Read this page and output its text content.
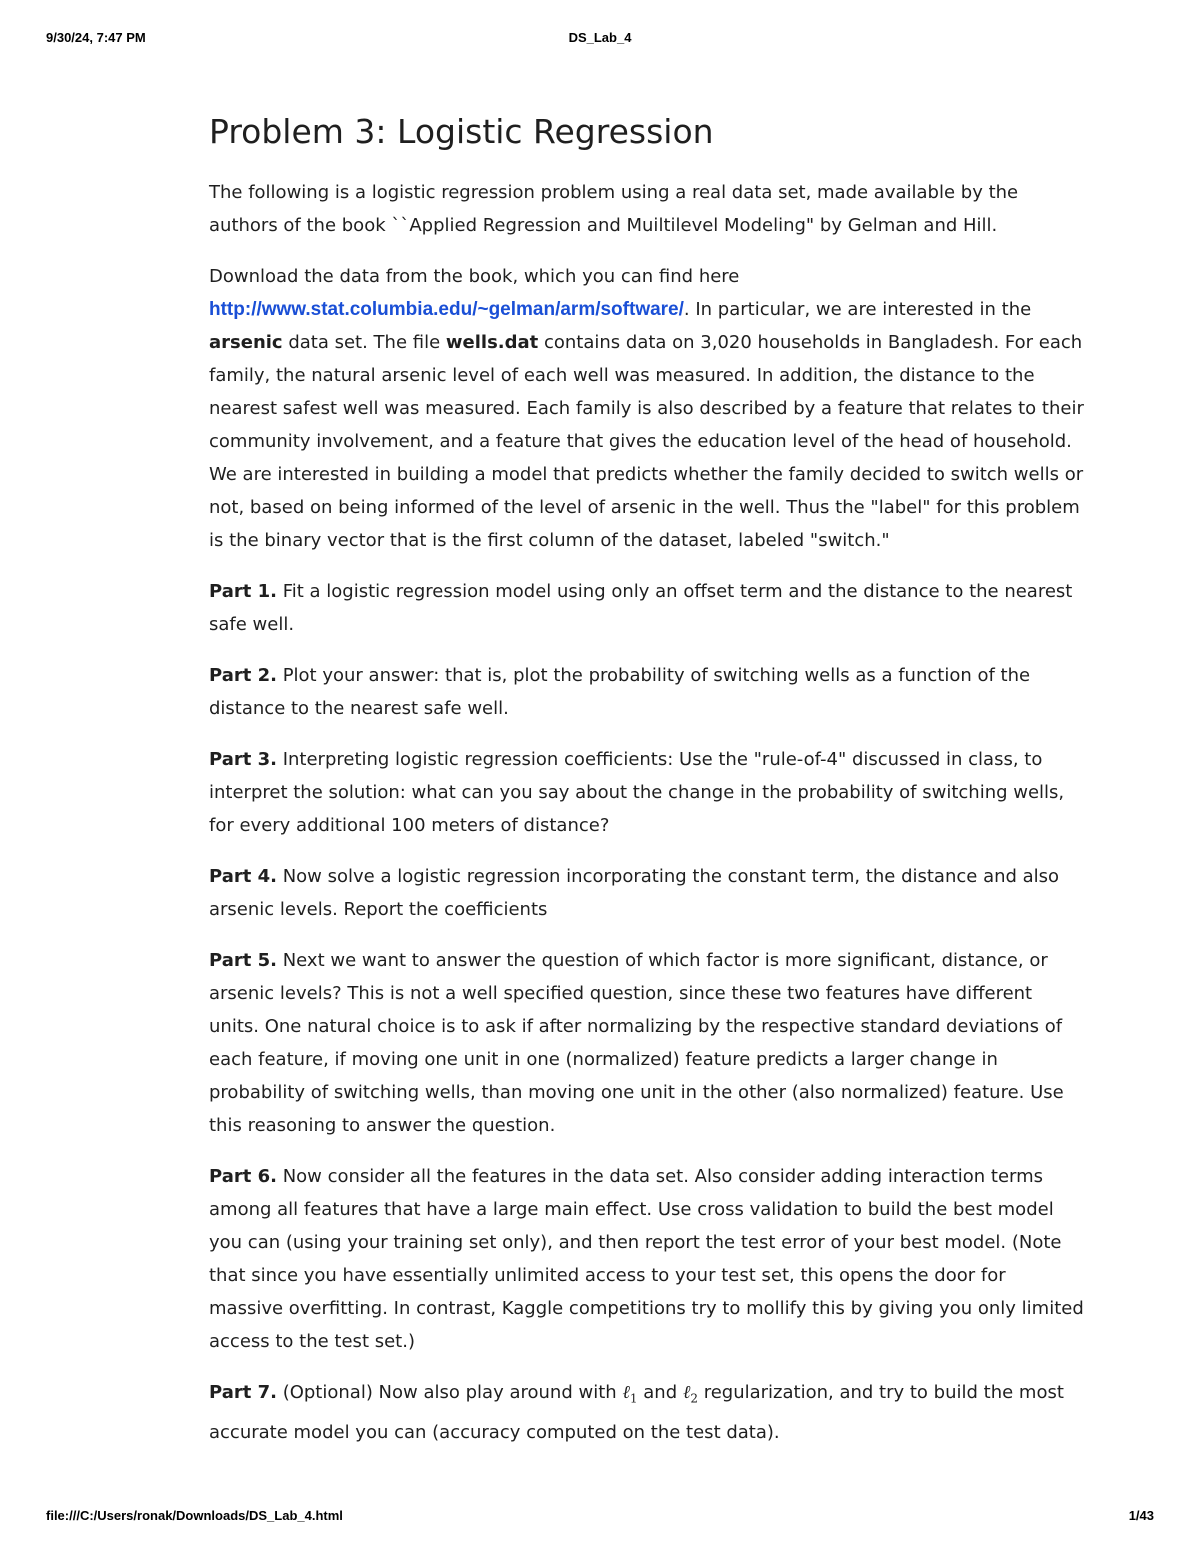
DS_Lab_4
9/30/24, 7:47 PM
Problem 3: Logistic Regression

The following is a logistic regression problem using a real data set, made available by the authors of the book ``Applied Regression and Muiltilevel Modeling" by Gelman and Hill.

Download the data from the book, which you can find here http://www.stat.columbia.edu/~gelman/arm/software/. In particular, we are interested in the arsenic data set. The file wells.dat contains data on 3,020 households in Bangladesh. For each family, the natural arsenic level of each well was measured. In addition, the distance to the nearest safest well was measured. Each family is also described by a feature that relates to their community involvement, and a feature that gives the education level of the head of household. We are interested in building a model that predicts whether the family decided to switch wells or not, based on being informed of the level of arsenic in the well. Thus the "label" for this problem is the binary vector that is the first column of the dataset, labeled "switch."

Part 1. Fit a logistic regression model using only an offset term and the distance to the nearest safe well.

Part 2. Plot your answer: that is, plot the probability of switching wells as a function of the distance to the nearest safe well.

Part 3. Interpreting logistic regression coefficients: Use the "rule-of-4" discussed in class, to interpret the solution: what can you say about the change in the probability of switching wells, for every additional 100 meters of distance?

Part 4. Now solve a logistic regression incorporating the constant term, the distance and also arsenic levels. Report the coefficients

Part 5. Next we want to answer the question of which factor is more significant, distance, or arsenic levels? This is not a well specified question, since these two features have different units. One natural choice is to ask if after normalizing by the respective standard deviations of each feature, if moving one unit in one (normalized) feature predicts a larger change in probability of switching wells, than moving one unit in the other (also normalized) feature. Use this reasoning to answer the question.

Part 6. Now consider all the features in the data set. Also consider adding interaction terms among all features that have a large main effect. Use cross validation to build the best model you can (using your training set only), and then report the test error of your best model. (Note that since you have essentially unlimited access to your test set, this opens the door for massive overfitting. In contrast, Kaggle competitions try to mollify this by giving you only limited access to the test set.)

Part 7. (Optional) Now also play around with ℓ$_1$ and ℓ$_2$ regularization, and try to build the most accurate model you can (accuracy computed on the test data).

file:///C:/Users/ronak/Downloads/DS_Lab_4.html	1/43
